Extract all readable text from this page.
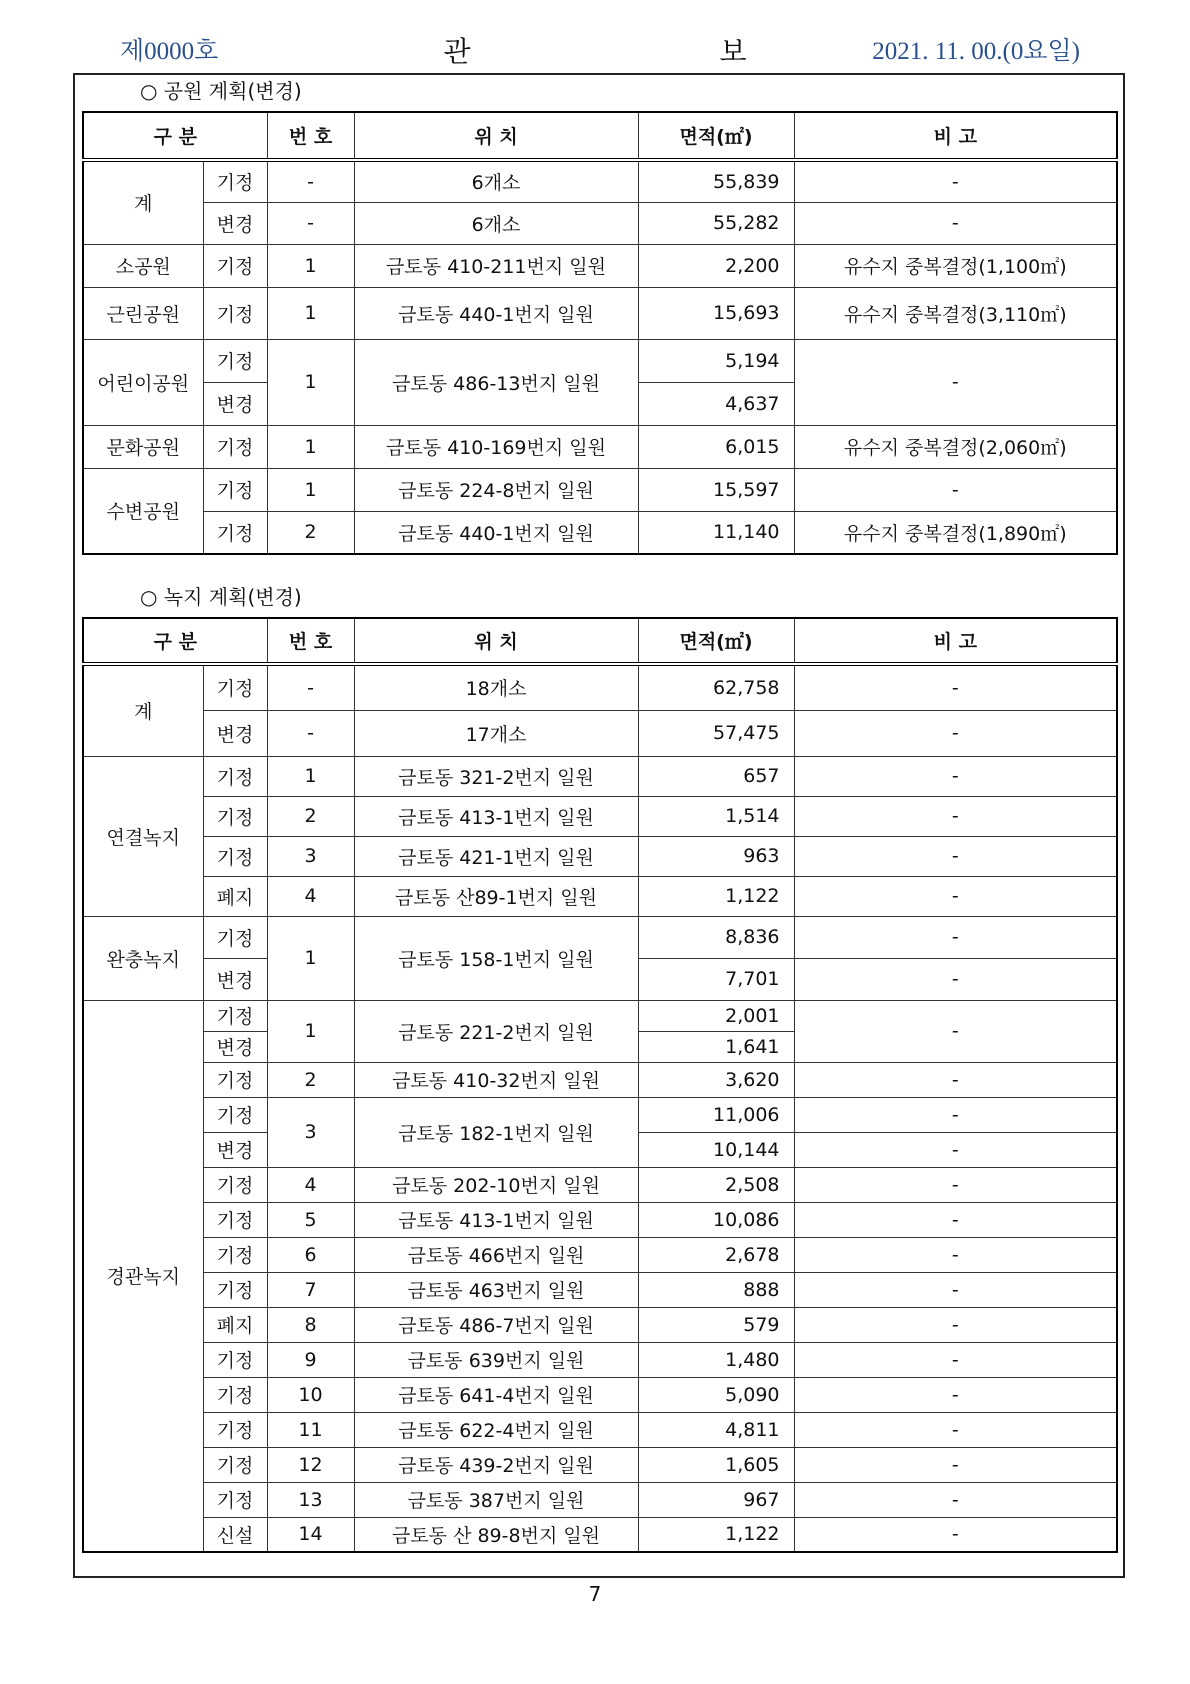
제0000호	관 보 2021. 11. 00.(0요일)
○ 공원 계획(변경)
구 분		번 호	위 치	면적(㎡)	비 고
계	기정	-	6개소	55,839	-
	변경	-	6개소	55,282	-
소공원	기정	1	금토동 410-211번지 일원	2,200	유수지 중복결정(1,100㎡)
근린공원	기정	1	금토동 440-1번지 일원	15,693	유수지 중복결정(3,110㎡)
어린이공원	기정	1	금토동 486-13번지 일원	5,194	-
	변경			4,637	
문화공원	기정	1	금토동 410-169번지 일원	6,015	유수지 중복결정(2,060㎡)
수변공원	기정	1	금토동 224-8번지 일원	15,597	-
	기정	2	금토동 440-1번지 일원	11,140	유수지 중복결정(1,890㎡)
○ 녹지 계획(변경)
구 분		번 호	위 치	면적(㎡)	비 고
계	기정	-	18개소	62,758	-
	변경	-	17개소	57,475	-
연결녹지	기정	1	금토동 321-2번지 일원	657	-
	기정	2	금토동 413-1번지 일원	1,514	-
	기정	3	금토동 421-1번지 일원	963	-
	폐지	4	금토동 산89-1번지 일원	1,122	-
완충녹지	기정	1	금토동 158-1번지 일원	8,836	-
	변경			7,701	-
경관녹지	기정	1	금토동 221-2번지 일원	2,001	-
	변경			1,641	
	기정	2	금토동 410-32번지 일원	3,620	-
	기정	3	금토동 182-1번지 일원	11,006	-
	변경			10,144	-
	기정	4	금토동 202-10번지 일원	2,508	-
	기정	5	금토동 413-1번지 일원	10,086	-
	기정	6	금토동 466번지 일원	2,678	-
	기정	7	금토동 463번지 일원	888	-
	폐지	8	금토동 486-7번지 일원	579	-
	기정	9	금토동 639번지 일원	1,480	-
	기정	10	금토동 641-4번지 일원	5,090	-
	기정	11	금토동 622-4번지 일원	4,811	-
	기정	12	금토동 439-2번지 일원	1,605	-
	기정	13	금토동 387번지 일원	967	-
	신설	14	금토동 산 89-8번지 일원	1,122	-
7
